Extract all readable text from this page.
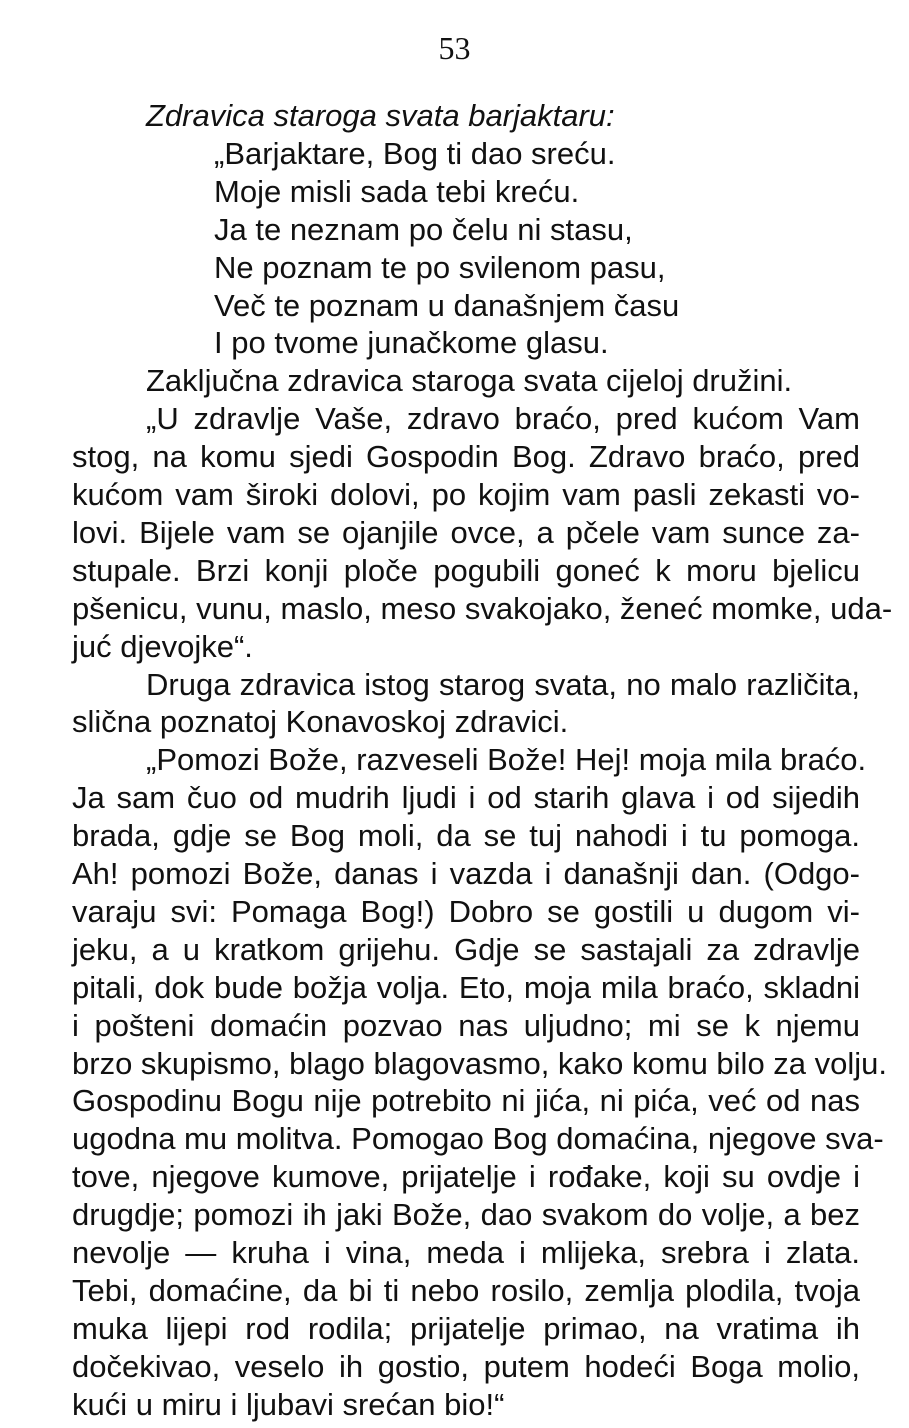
53
Zdravica staroga svata barjaktaru:
„Barjaktare, Bog ti dao sreću.
Moje misli sada tebi kreću.
Ja te neznam po čelu ni stasu,
Ne poznam te po svilenom pasu,
Več te poznam u današnjem času
I po tvome junačkome glasu.
Zaključna zdravica staroga svata cijeloj družini.
„U zdravlje Vaše, zdravo braćo, pred kućom Vam
stog, na komu sjedi Gospodin Bog. Zdravo braćo, pred
kućom vam široki dolovi, po kojim vam pasli zekasti vo-
lovi. Bijele vam se ojanjile ovce, a pčele vam sunce za-
stupale. Brzi konji ploče pogubili goneć k moru bjelicu
pšenicu, vunu, maslo, meso svakojako, ženeć momke, uda-
juć djevojke“.
Druga zdravica istog starog svata, no malo različita,
slična poznatoj Konavoskoj zdravici.
„Pomozi Bože, razveseli Bože! Hej! moja mila braćo.
Ja sam čuo od mudrih ljudi i od starih glava i od sijedih
brada, gdje se Bog moli, da se tuj nahodi i tu pomoga.
Ah! pomozi Bože, danas i vazda i današnji dan. (Odgo-
varaju svi: Pomaga Bog!) Dobro se gostili u dugom vi-
jeku, a u kratkom grijehu. Gdje se sastajali za zdravlje
pitali, dok bude božja volja. Eto, moja mila braćo, skladni
i pošteni domaćin pozvao nas uljudno; mi se k njemu
brzo skupismo, blago blagovasmo, kako komu bilo za volju.
Gospodinu Bogu nije potrebito ni jića, ni pića, već od nas
ugodna mu molitva. Pomogao Bog domaćina, njegove sva-
tove, njegove kumove, prijatelje i rođake, koji su ovdje i
drugdje; pomozi ih jaki Bože, dao svakom do volje, a bez
nevolje — kruha i vina, meda i mlijeka, srebra i zlata.
Tebi, domaćine, da bi ti nebo rosilo, zemlja plodila, tvoja
muka lijepi rod rodila; prijatelje primao, na vratima ih
dočekivao, veselo ih gostio, putem hodeći Boga molio,
kući u miru i ljubavi srećan bio!“
